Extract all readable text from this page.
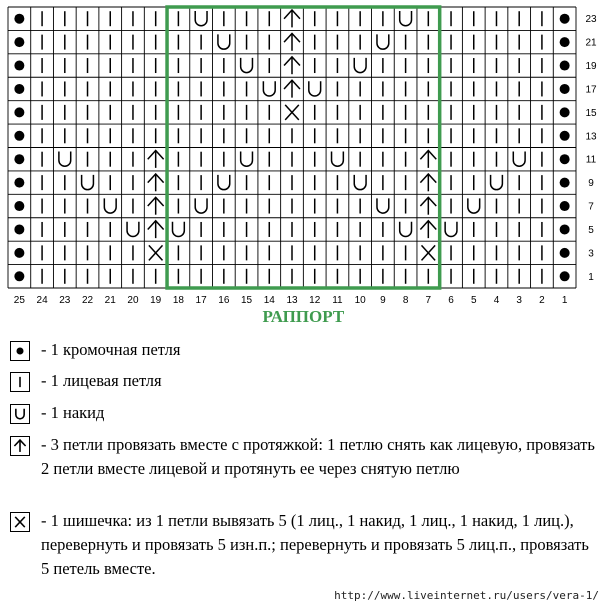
25 24 23 22 21 20 19 18 17 16 15 14 13 12 11 10 9 8 7 6 5 4 3 2 1
23
21
19
17
15
13
11
9
7
5
3
1
РАППОРТ
- 1 кромочная петля
- 1 лицевая петля
- 1 накид
- 3 петли провязать вместе с протяжкой: 1 петлю снять как лицевую, провязать 2 петли вместе лицевой и протянуть ее через снятую петлю
- 1 шишечка: из 1 петли вывязать 5 (1 лиц., 1 накид, 1 лиц., 1 накид, 1 лиц.), перевернуть и провязать 5 изн.п.; перевернуть и провязать 5 лиц.п., провязать 5 петель вместе.
http://www.liveinternet.ru/users/vera-1/
